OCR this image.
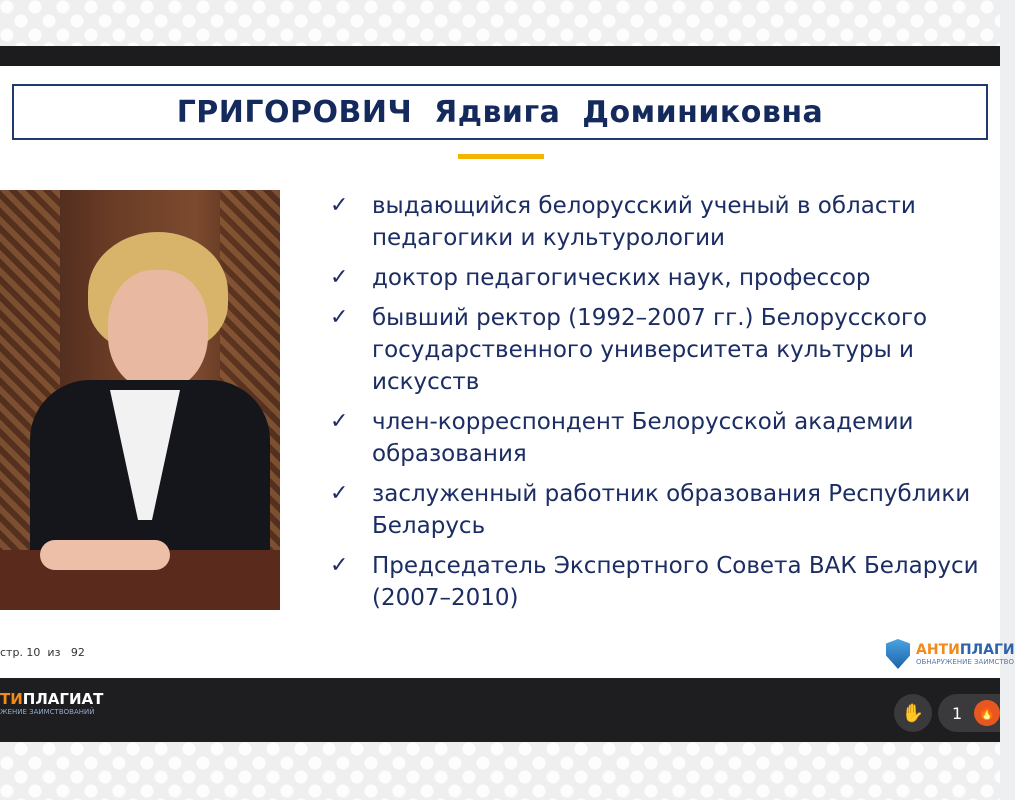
ГРИГОРОВИЧ  Ядвига  Доминиковна
✓ выдающийся белорусский ученый в области педагогики и культурологии
✓ доктор педагогических наук, профессор
✓ бывший ректор (1992–2007 гг.) Белорусского государственного университета культуры и искусств
✓ член-корреспондент Белорусской академии образования
✓ заслуженный работник образования Республики Беларусь
✓ Председатель Экспертного Совета ВАК Беларуси (2007–2010)
стр. 10  из   92	АНТИПЛАГИ
ОБНАРУЖЕНИЕ ЗАИМСТВО
ТИПЛАГИАТ
ЖЕНИЕ ЗАИМСТВОВАНИЙ	✋ 1 🔥
